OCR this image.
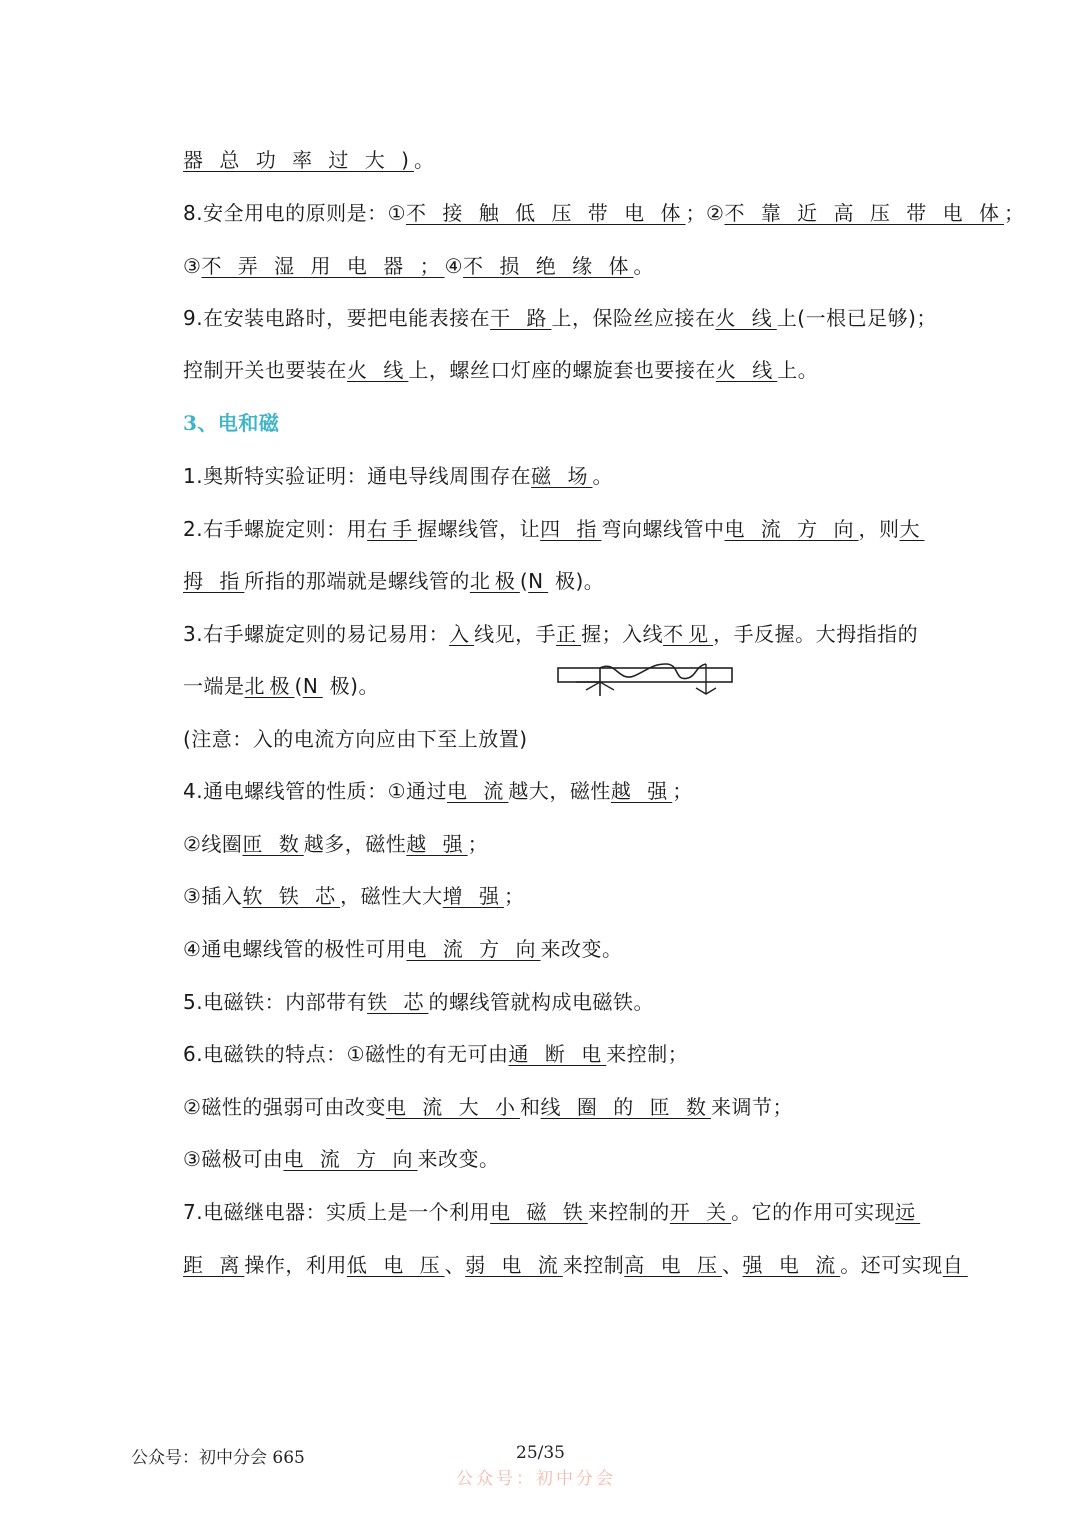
器 总 功 率 过 大 )。
8.安全用电的原则是：①不 接 触 低 压 带 电 体；②不 靠 近 高 压 带 电 体；
③不 弄 湿 用 电 器 ；④不 损 绝 缘 体。
9.在安装电路时，要把电能表接在干 路上，保险丝应接在火 线上(一根已足够)；
控制开关也要装在火 线上，螺丝口灯座的螺旋套也要接在火 线上。
3、电和磁
1.奥斯特实验证明：通电导线周围存在磁 场。
2.右手螺旋定则：用右手握螺线管，让四 指弯向螺线管中电 流 方 向，则大
拇 指所指的那端就是螺线管的北极(N 极)。
3.右手螺旋定则的易记易用：入线见，手正握；入线不见，手反握。大拇指指的
一端是北极(N 极)。
(注意：入的电流方向应由下至上放置)
4.通电螺线管的性质：①通过电 流越大，磁性越 强；
②线圈匝 数越多，磁性越 强；
③插入软 铁 芯，磁性大大增 强；
④通电螺线管的极性可用电 流 方 向来改变。
5.电磁铁：内部带有铁 芯的螺线管就构成电磁铁。
6.电磁铁的特点：①磁性的有无可由通 断 电来控制；
②磁性的强弱可由改变电 流 大 小和线 圈 的 匝 数来调节；
③磁极可由电 流 方 向来改变。
7.电磁继电器：实质上是一个利用电 磁 铁来控制的开 关。它的作用可实现远
距 离操作，利用低 电 压、弱 电 流来控制高 电 压、强 电 流。还可实现自
公众号：初中分会 665	25/35
公众号：初中分会
